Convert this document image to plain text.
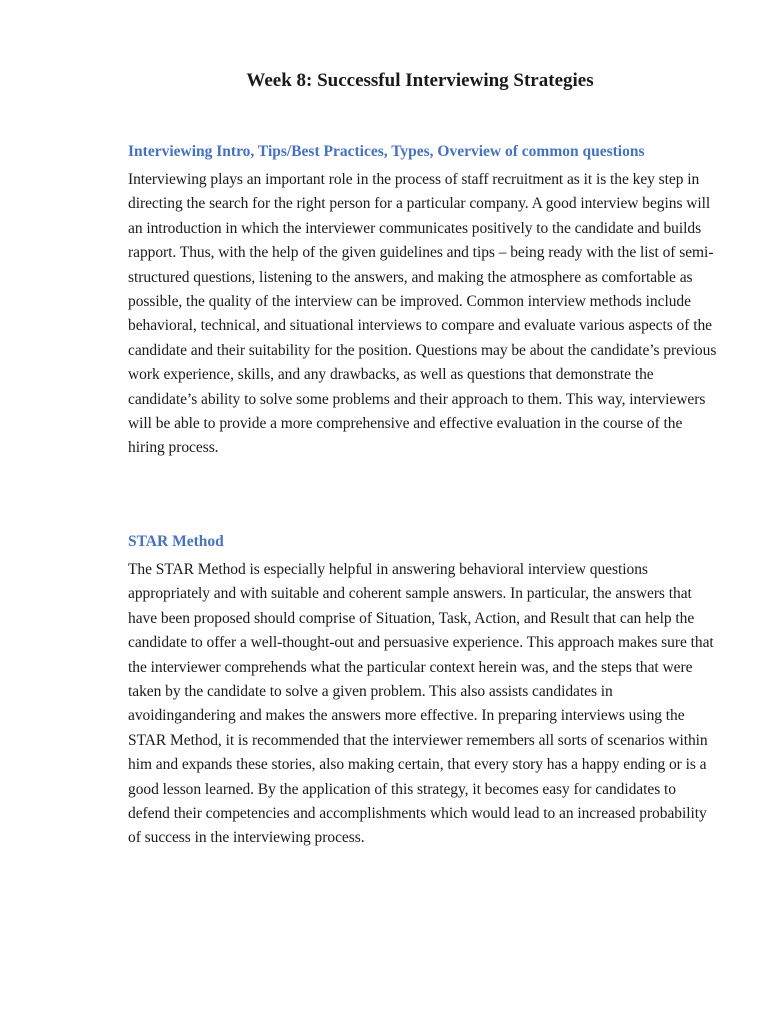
Week 8: Successful Interviewing Strategies
Interviewing Intro, Tips/Best Practices, Types, Overview of common questions

Interviewing plays an important role in the process of staff recruitment as it is the key step in directing the search for the right person for a particular company. A good interview begins will an introduction in which the interviewer communicates positively to the candidate and builds rapport. Thus, with the help of the given guidelines and tips – being ready with the list of semi-structured questions, listening to the answers, and making the atmosphere as comfortable as possible, the quality of the interview can be improved. Common interview methods include behavioral, technical, and situational interviews to compare and evaluate various aspects of the candidate and their suitability for the position. Questions may be about the candidate’s previous work experience, skills, and any drawbacks, as well as questions that demonstrate the candidate’s ability to solve some problems and their approach to them. This way, interviewers will be able to provide a more comprehensive and effective evaluation in the course of the hiring process.

STAR Method

The STAR Method is especially helpful in answering behavioral interview questions appropriately and with suitable and coherent sample answers. In particular, the answers that have been proposed should comprise of Situation, Task, Action, and Result that can help the candidate to offer a well-thought-out and persuasive experience. This approach makes sure that the interviewer comprehends what the particular context herein was, and the steps that were taken by the candidate to solve a given problem. This also assists candidates in avoidingandering and makes the answers more effective. In preparing interviews using the STAR Method, it is recommended that the interviewer remembers all sorts of scenarios within him and expands these stories, also making certain, that every story has a happy ending or is a good lesson learned. By the application of this strategy, it becomes easy for candidates to defend their competencies and accomplishments which would lead to an increased probability of success in the interviewing process.
